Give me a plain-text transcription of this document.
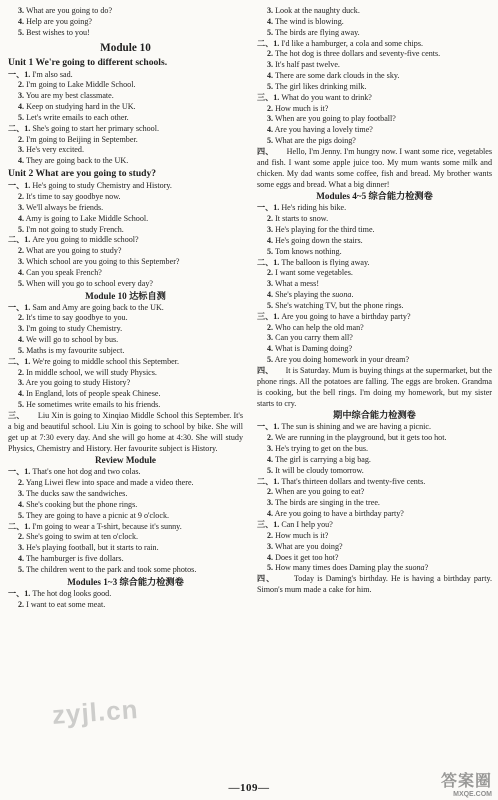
3. What are you going to do?
4. Help are you going?
5. Best wishes to you!
Module 10
Unit 1 We're going to different schools.
一、1. I'm also sad.
2. I'm going to Lake Middle School.
3. You are my best classmate.
4. Keep on studying hard in the UK.
5. Let's write emails to each other.
二、1. She's going to start her primary school.
2. I'm going to Beijing in September.
3. He's very excited.
4. They are going back to the UK.
Unit 2 What are you going to study?
一、1. He's going to study Chemistry and History.
2. It's time to say goodbye now.
3. We'll always be friends.
4. Amy is going to Lake Middle School.
5. I'm not going to study French.
二、1. Are you going to middle school?
2. What are you going to study?
3. Which school are you going to this September?
4. Can you speak French?
5. When will you go to school every day?
Module 10 达标自测
一、1. Sam and Amy are going back to the UK.
2. It's time to say goodbye to you.
3. I'm going to study Chemistry.
4. We will go to school by bus.
5. Maths is my favourite subject.
二、1. We're going to middle school this September.
2. In middle school, we will study Physics.
3. Are you going to study History?
4. In England, lots of people speak Chinese.
5. He sometimes write emails to his friends.
三、 Liu Xin is going to Xinqiao Middle School this September. It's a big and beautiful school. Liu Xin is going to school by bike. She will get up at 7:30 every day. And she will go home at 4:30. She will study Physics, Chemistry and History. Her favourite subject is History.
Review Module
一、1. That's one hot dog and two colas.
2. Yang Liwei flew into space and made a video there.
3. The ducks saw the sandwiches.
4. She's cooking but the phone rings.
5. They are going to have a picnic at 9 o'clock.
二、1. I'm going to wear a T-shirt, because it's sunny.
2. She's going to swim at ten o'clock.
3. He's playing football, but it starts to rain.
4. The hamburger is five dollars.
5. The children went to the park and took some photos.
Modules 1~3 综合能力检测卷
一、1. The hot dog looks good.
2. I want to eat some meat.
3. Look at the naughty duck.
4. The wind is blowing.
5. The birds are flying away.
二、1. I'd like a hamburger, a cola and some chips.
2. The hot dog is three dollars and seventy-five cents.
3. It's half past twelve.
4. There are some dark clouds in the sky.
5. The girl likes drinking milk.
三、1. What do you want to drink?
2. How much is it?
3. When are you going to play football?
4. Are you having a lovely time?
5. What are the pigs doing?
四、 Hello, I'm Jenny. I'm hungry now. I want some rice, vegetables and fish. I want some apple juice too. My mum wants some milk and chicken. My dad wants some coffee, fish and bread. My brother wants some eggs and bread. What a big dinner!
Modules 4~5 综合能力检测卷
一、1. He's riding his bike.
2. It starts to snow.
3. He's playing for the third time.
4. He's going down the stairs.
5. Tom knows nothing.
二、1. The balloon is flying away.
2. I want some vegetables.
3. What a mess!
4. She's playing the suona.
5. She's watching TV, but the phone rings.
三、1. Are you going to have a birthday party?
2. Who can help the old man?
3. Can you carry them all?
4. What is Daming doing?
5. Are you doing homework in your dream?
四、 It is Saturday. Mum is buying things at the supermarket, but the phone rings. All the potatoes are falling. The eggs are broken. Grandma is cooking, but the bell rings. I'm doing my homework, but my sister starts to cry.
期中综合能力检测卷
一、1. The sun is shining and we are having a picnic.
2. We are running in the playground, but it gets too hot.
3. He's trying to get on the bus.
4. The girl is carrying a big bag.
5. It will be cloudy tomorrow.
二、1. That's thirteen dollars and twenty-five cents.
2. When are you going to eat?
3. The birds are singing in the tree.
4. Are you going to have a birthday party?
三、1. Can I help you?
2. How much is it?
3. What are you doing?
4. Does it get too hot?
5. How many times does Daming play the suona?
四、 Today is Daming's birthday. He is having a birthday party. Simon's mum made a cake for him.
—109—
zyjl.cn
答案圈
MXQE.COM
